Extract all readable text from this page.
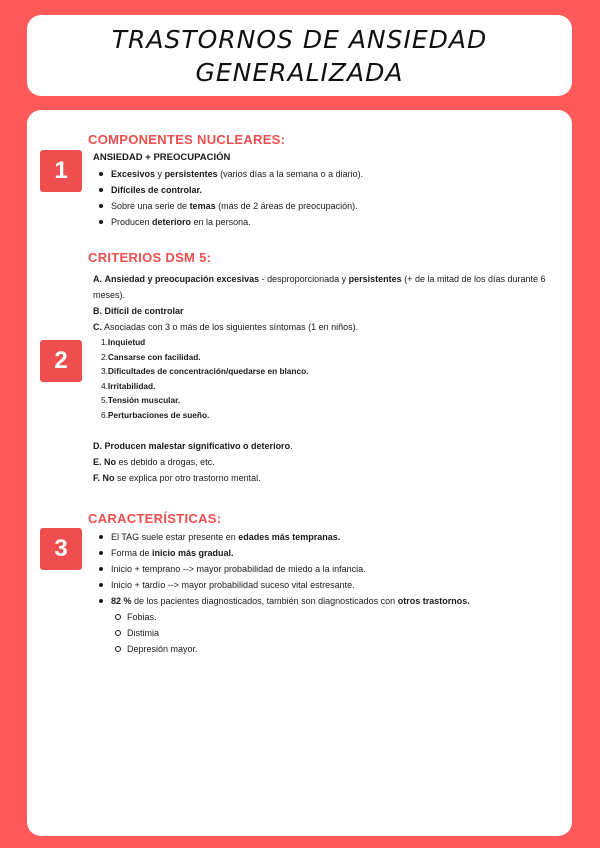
TRASTORNOS DE ANSIEDAD
GENERALIZADA
1
COMPONENTES NUCLEARES:
ANSIEDAD + PREOCUPACIÓN
Excesivos y persistentes (varios días a la semana o a diario).
Difíciles de controlar.
Sobre una serie de temas (más de 2 áreas de preocupación).
Producen deterioro en la persona.
2
CRITERIOS DSM 5:

A. Ansiedad y preocupación excesivas - desproporcionada y persistentes (+ de la mitad de los días durante 6 meses).

B. Difícil de controlar

C. Asociadas con 3 o más de los siguientes síntomas (1 en niños).

1.Inquietud
2.Cansarse con facilidad.
3.Dificultades de concentración/quedarse en blanco.
4.Irritabilidad.
5.Tensión muscular.
6.Perturbaciones de sueño.

D. Producen malestar significativo o deterioro.

E. No es debido a drogas, etc.

F. No se explica por otro trastorno mental.

3
CARACTERÍSTICAS:
El TAG suele estar presente en edades más tempranas.
Forma de inicio más gradual.
Inicio + temprano --> mayor probabilidad de miedo a la infancia.
Inicio + tardío --> mayor probabilidad suceso vital estresante.
82 % de los pacientes diagnosticados, también son diagnosticados con otros trastornos.
Fobias.
Distimia
Depresión mayor.
